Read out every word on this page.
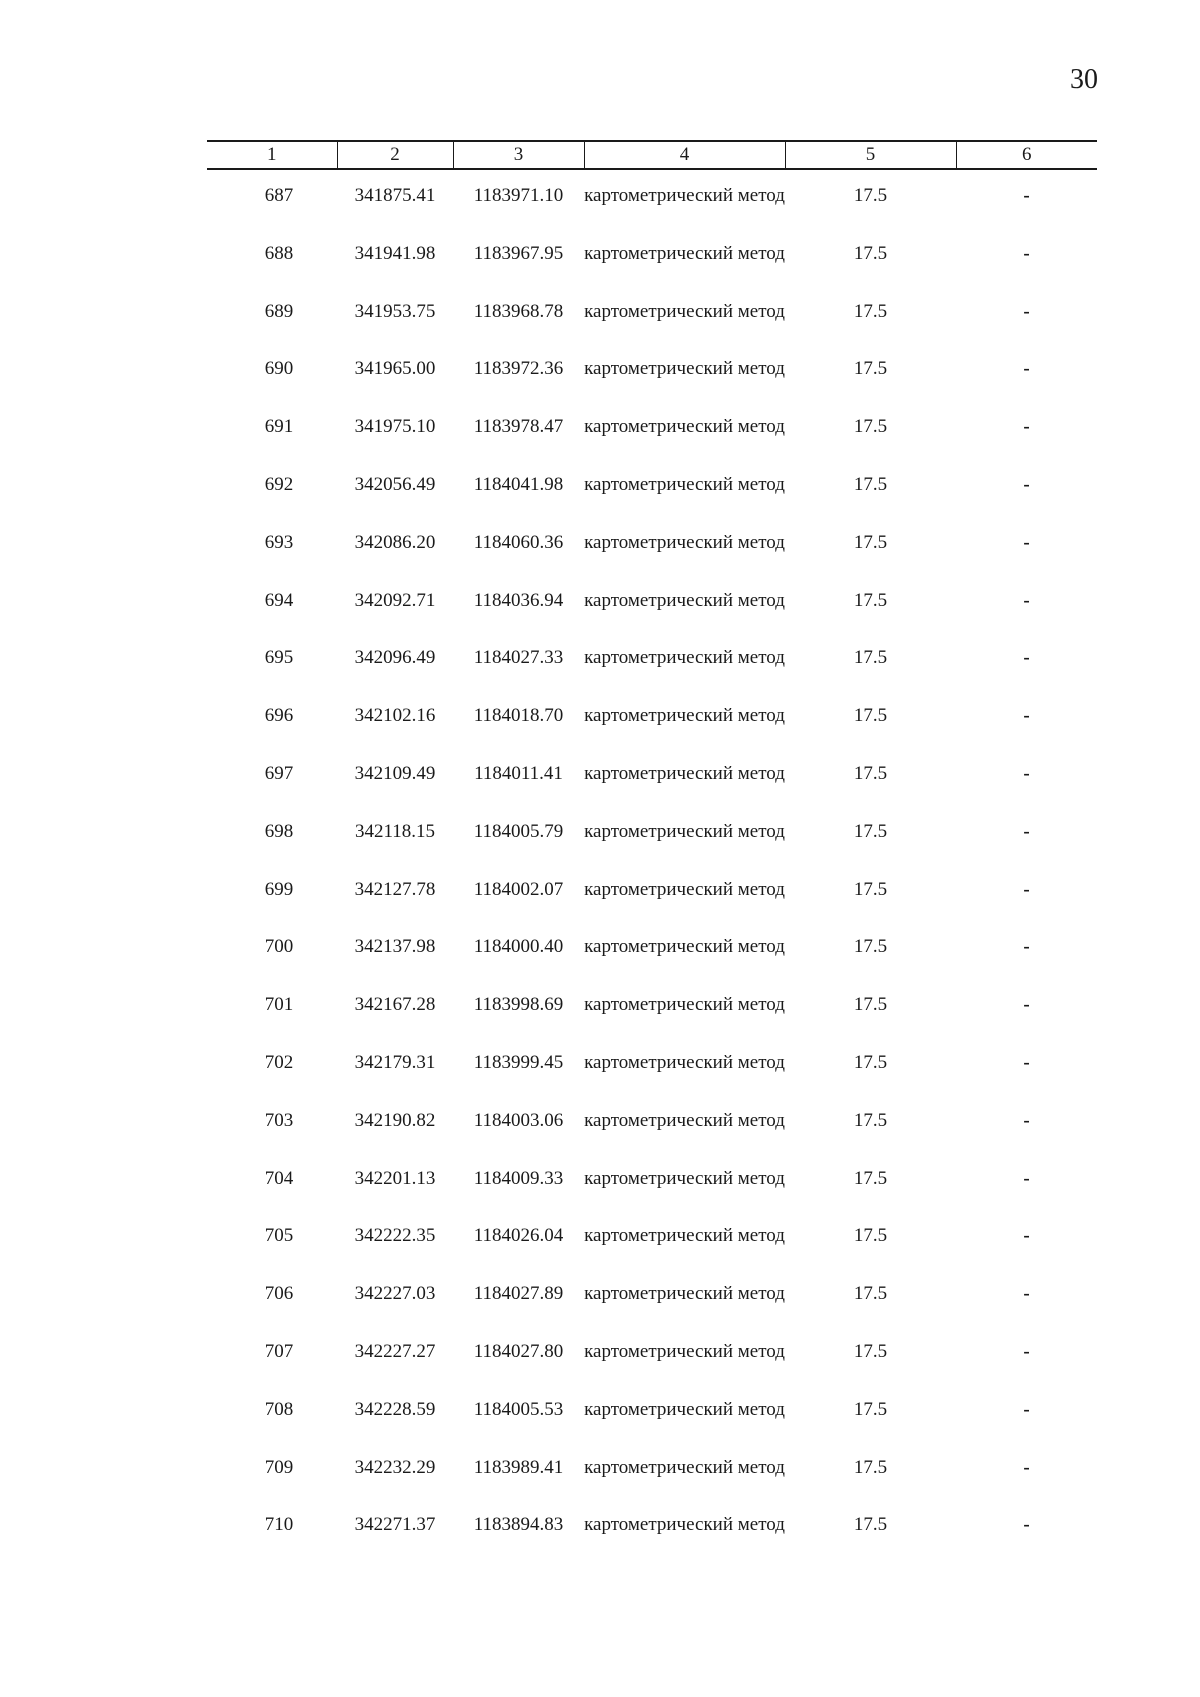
30
1	2	3	4	5	6
687	341875.41	1183971.10	картометрический метод	17.5	-
688	341941.98	1183967.95	картометрический метод	17.5	-
689	341953.75	1183968.78	картометрический метод	17.5	-
690	341965.00	1183972.36	картометрический метод	17.5	-
691	341975.10	1183978.47	картометрический метод	17.5	-
692	342056.49	1184041.98	картометрический метод	17.5	-
693	342086.20	1184060.36	картометрический метод	17.5	-
694	342092.71	1184036.94	картометрический метод	17.5	-
695	342096.49	1184027.33	картометрический метод	17.5	-
696	342102.16	1184018.70	картометрический метод	17.5	-
697	342109.49	1184011.41	картометрический метод	17.5	-
698	342118.15	1184005.79	картометрический метод	17.5	-
699	342127.78	1184002.07	картометрический метод	17.5	-
700	342137.98	1184000.40	картометрический метод	17.5	-
701	342167.28	1183998.69	картометрический метод	17.5	-
702	342179.31	1183999.45	картометрический метод	17.5	-
703	342190.82	1184003.06	картометрический метод	17.5	-
704	342201.13	1184009.33	картометрический метод	17.5	-
705	342222.35	1184026.04	картометрический метод	17.5	-
706	342227.03	1184027.89	картометрический метод	17.5	-
707	342227.27	1184027.80	картометрический метод	17.5	-
708	342228.59	1184005.53	картометрический метод	17.5	-
709	342232.29	1183989.41	картометрический метод	17.5	-
710	342271.37	1183894.83	картометрический метод	17.5	-
